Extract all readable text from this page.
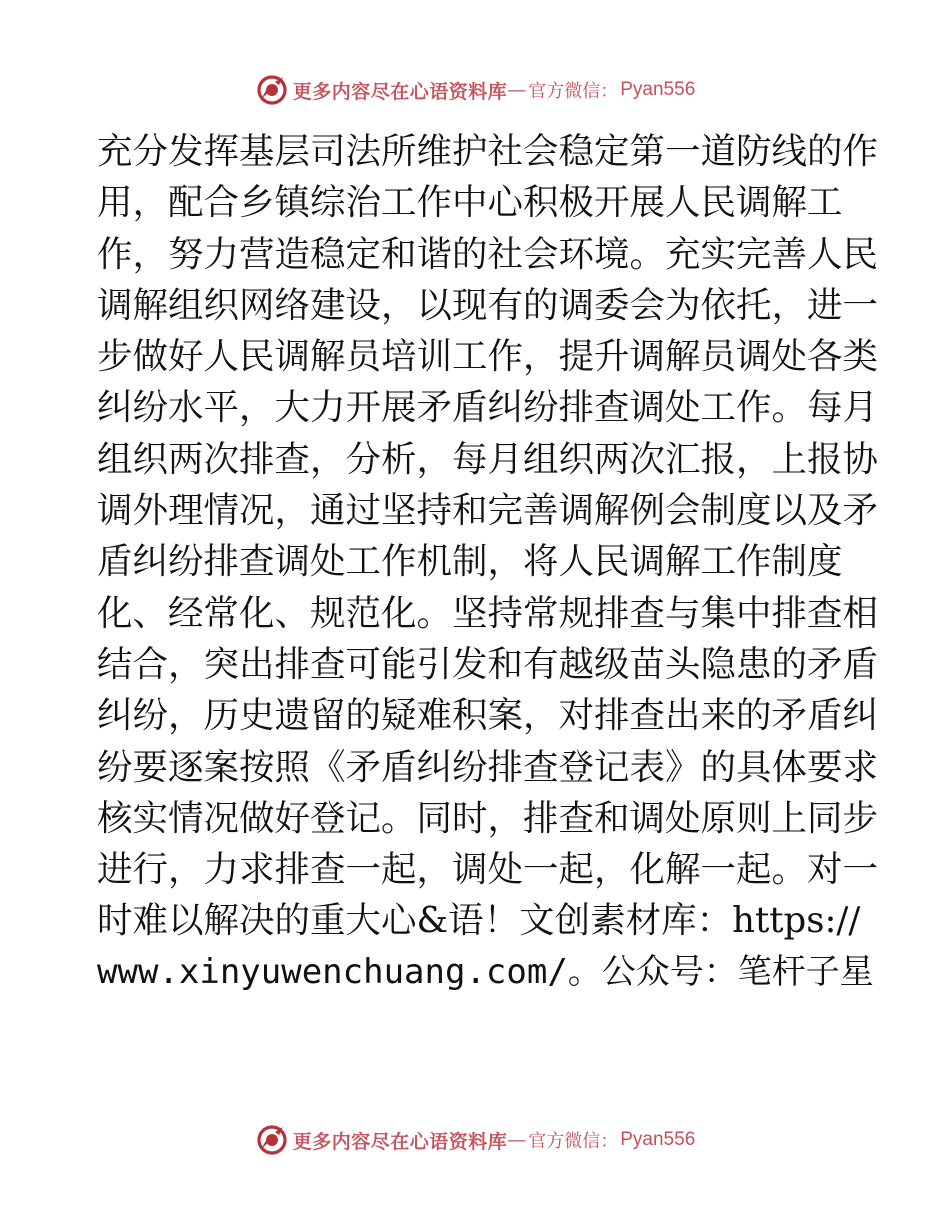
更多内容尽在心语资料库 — 官方微信： Pyan556
充分发挥基层司法所维护社会稳定第一道防线的作
用，配合乡镇综治工作中心积极开展人民调解工
作，努力营造稳定和谐的社会环境。充实完善人民
调解组织网络建设，以现有的调委会为依托，进一
步做好人民调解员培训工作，提升调解员调处各类
纠纷水平，大力开展矛盾纠纷排查调处工作。每月
组织两次排查，分析，每月组织两次汇报，上报协
调外理情况，通过坚持和完善调解例会制度以及矛
盾纠纷排查调处工作机制，将人民调解工作制度
化、经常化、规范化。坚持常规排查与集中排查相
结合，突出排查可能引发和有越级苗头隐患的矛盾
纠纷，历史遗留的疑难积案，对排查出来的矛盾纠
纷要逐案按照《矛盾纠纷排查登记表》的具体要求
核实情况做好登记。同时，排查和调处原则上同步
进行，力求排查一起，调处一起，化解一起。对一
时难以解决的重大心&语！文创素材库：https://
www.xinyuwenchuang.com/。公众号：笔杆子星
更多内容尽在心语资料库 — 官方微信： Pyan556
